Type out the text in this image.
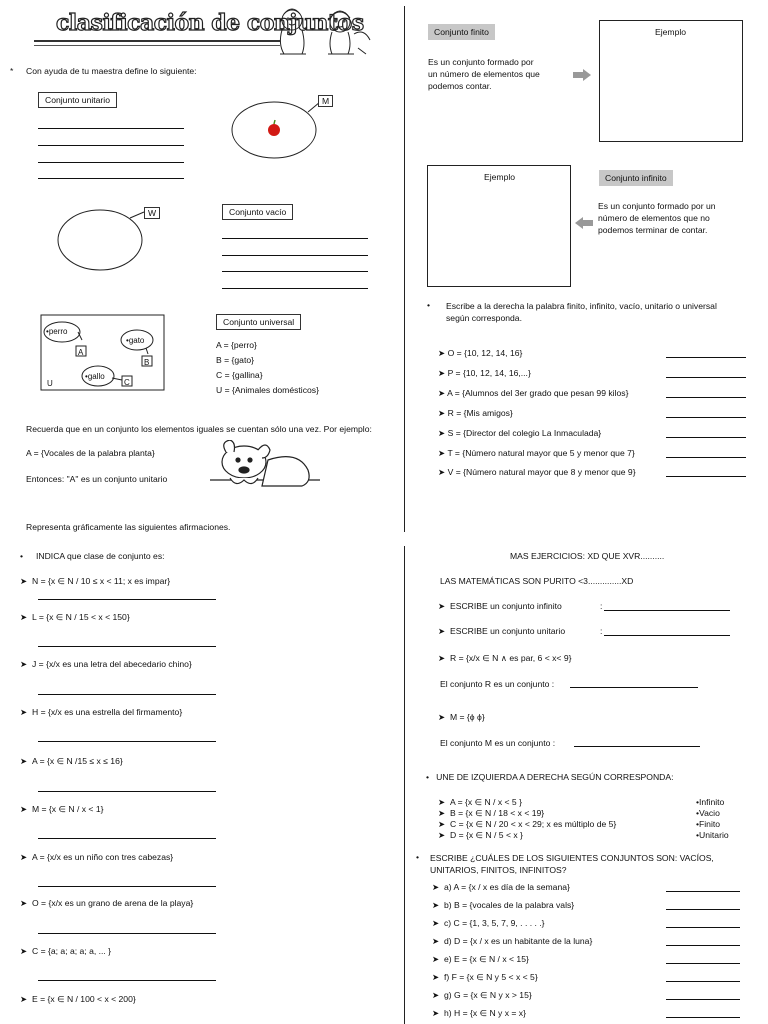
clasificación de conjuntos
* Con ayuda de tu maestra define lo siguiente:
Conjunto unitario	M
W	Conjunto vacío
•perro
•gato
•gallo
A
B
C
U
Conjunto universal
A = {perro}
B = {gato}
C = {gallina}
U = {Animales domésticos}
Recuerda que en un conjunto los elementos iguales se cuentan sólo una vez. Por ejemplo:
A = {Vocales de la palabra planta}
Entonces: "A" es un conjunto unitario
Representa gráficamente las siguientes afirmaciones.
Conjunto finito
Es un conjunto formado por un número de elementos que podemos contar.
Ejemplo
Ejemplo	Conjunto infinito
Es un conjunto formado por un número de elementos que no podemos terminar de contar.
• Escribe a la derecha la palabra finito, infinito, vacío, unitario o universal según corresponda.
➤ O = {10, 12, 14, 16}
➤ P = {10, 12, 14, 16,...}
➤ A = {Alumnos del 3er grado que pesan 99 kilos}
➤ R = {Mis amigos}
➤ S = {Director del colegio La Inmaculada}
➤ T = {Número natural mayor que 5 y menor que 7}
➤ V = {Número natural mayor que 8 y menor que 9}
• INDICA que clase de conjunto es:
➤  N = {x ∈ N / 10 ≤ x < 11; x es impar}
➤  L = {x ∈ N / 15 < x < 150}
➤  J = {x/x es una letra del abecedario chino}
➤  H = {x/x es una estrella del firmamento}
➤  A = {x ∈ N /15 ≤ x ≤ 16}
➤  M = {x ∈ N / x < 1}
➤  A = {x/x es un niño con tres cabezas}
➤  O = {x/x es un grano de arena de la playa}
➤  C = {a; a; a; a; a, ... }
➤  E = {x ∈ N / 100 < x < 200}
MAS EJERCICIOS: XD QUE XVR..........
LAS MATEMÁTICAS SON PURITO <3..............XD
➤  ESCRIBE un conjunto infinito	:
➤  ESCRIBE un conjunto unitario	:
➤  R = {x/x ∈ N ∧ es par, 6 < x< 9}
El conjunto R es un conjunto :
➤  M = {ϕ ϕ}
El conjunto M es un conjunto :
•   UNE DE IZQUIERDA A DERECHA SEGÚN CORRESPONDA:
➤  A = {x ∈ N / x < 5 }
➤  B = {x ∈ N / 18 < x < 19}
➤  C = {x ∈ N / 20 < x < 29; x es múltiplo de 5}
➤  D = {x ∈ N / 5 < x }
•Infinito
•Vacio
•Finito
•Unitario
• ESCRIBE ¿CUÁLES DE LOS SIGUIENTES CONJUNTOS SON: VACÍOS, UNITARIOS, FINITOS, INFINITOS?
➤  a) A = {x / x es día de la semana}
➤  b) B = {vocales de la palabra vals}
➤  c) C = {1, 3, 5, 7, 9, . . . . .}
➤  d) D = {x / x es un habitante de la luna}
➤  e) E = {x ∈ N / x < 15}
➤  f) F = {x ∈ N y 5 < x < 5}
➤  g) G = {x ∈ N y x > 15}
➤  h) H = {x ∈ N y x = x}
